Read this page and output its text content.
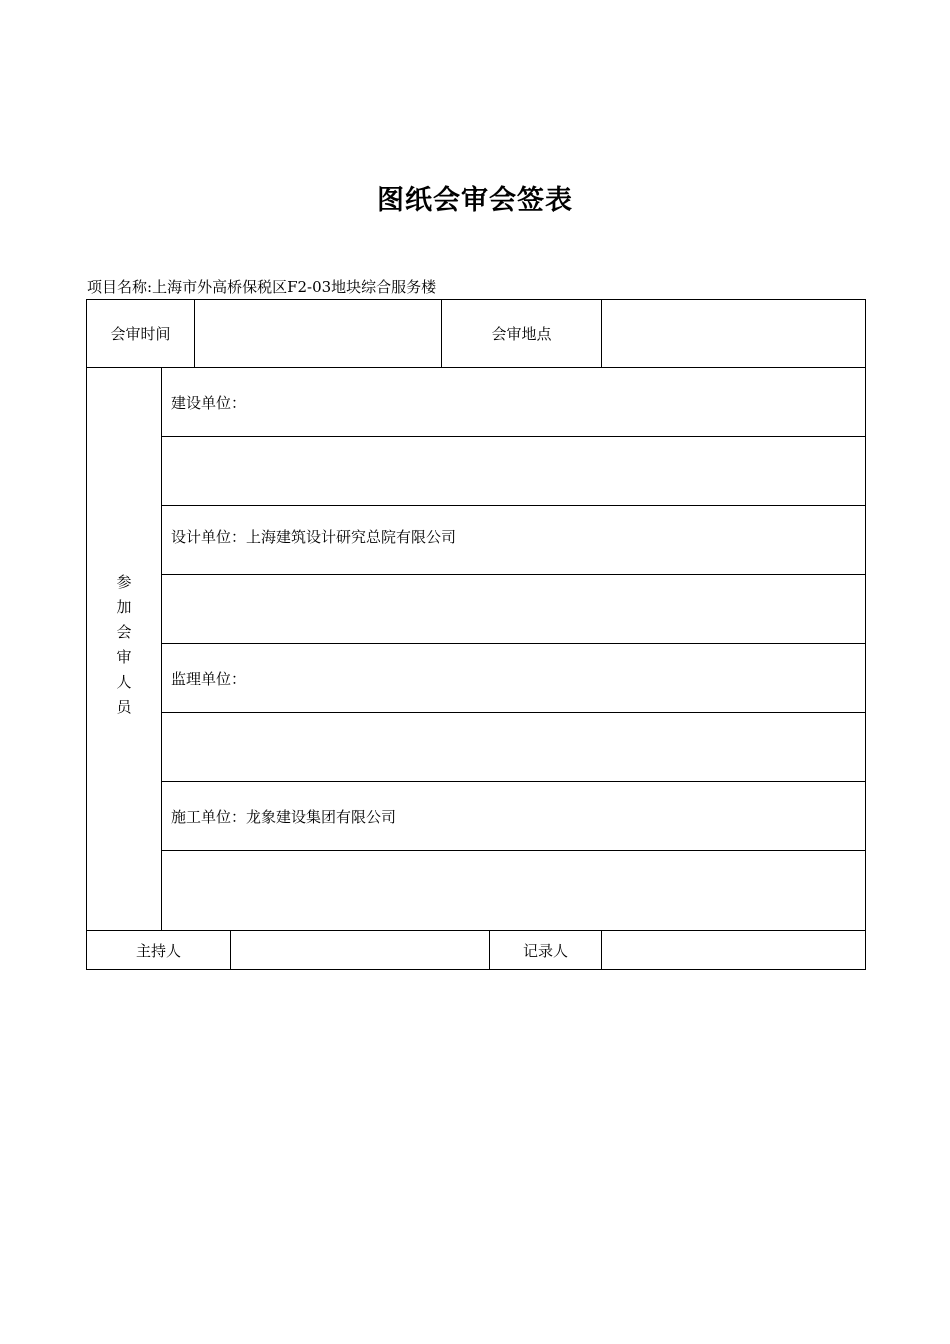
图纸会审会签表
项目名称:上海市外高桥保税区F2-03地块综合服务楼
会审时间	会审地点
参加会审人员
建设单位：
设计单位：上海建筑设计研究总院有限公司
监理单位：
施工单位：龙象建设集团有限公司
主持人	记录人
